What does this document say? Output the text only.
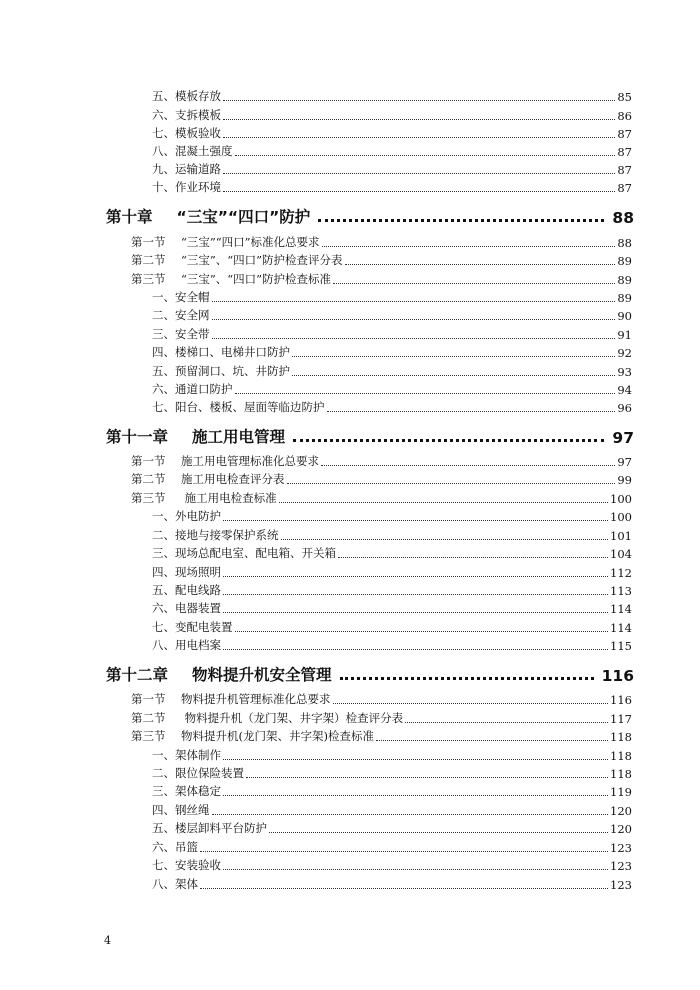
五、模板存放	85
六、支拆模板	86
七、模板验收	87
八、混凝土强度	87
九、运输道路	87
十、作业环境	87
第十章 “三宝”“四口”防护	88
第一节	“三宝”“四口”标准化总要求	88
第二节	“三宝”、“四口”防护检查评分表	89
第三节	“三宝”、“四口”防护检查标准	89
一、安全帽	89
二、安全网	90
三、安全带	91
四、楼梯口、电梯井口防护	92
五、预留洞口、坑、井防护	93
六、通道口防护	94
七、阳台、楼板、屋面等临边防护	96
第十一章 施工用电管理	97
第一节	施工用电管理标准化总要求	97
第二节	施工用电检查评分表	99
第三节	施工用电检查标准	100
一、外电防护	100
二、接地与接零保护系统	101
三、现场总配电室、配电箱、开关箱	104
四、现场照明	112
五、配电线路	113
六、电器装置	114
七、变配电装置	114
八、用电档案	115
第十二章 物料提升机安全管理	116
第一节	物料提升机管理标准化总要求	116
第二节	物料提升机（龙门架、井字架）检查评分表	117
第三节	物料提升机(龙门架、井字架)检查标准	118
一、架体制作	118
二、限位保险装置	118
三、架体稳定	119
四、钢丝绳	120
五、楼层卸料平台防护	120
六、吊篮	123
七、安装验收	123
八、架体	123
4
